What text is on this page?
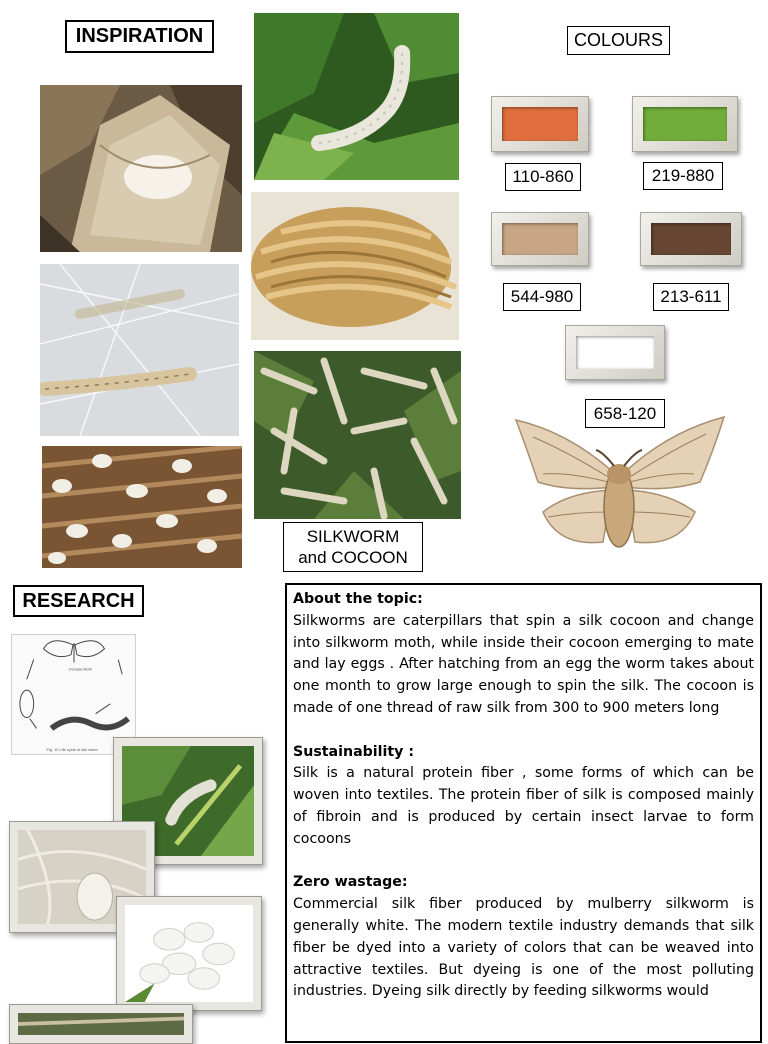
INSPIRATION
SILKWORM
and COCOON
COLOURS
110-860	219-880
544-980	213-611
658-120
RESEARCH
Female Moth
Fig. 10 Life cycle of silk worm
About the topic:
Silkworms are caterpillars that spin a silk cocoon and change into silkworm moth, while inside their cocoon emerging to mate and lay eggs . After hatching from an egg the worm takes about one month to grow large enough to spin the silk. The cocoon is made of one thread of raw silk from 300 to 900 meters long
Sustainability :
Silk is a natural protein fiber , some forms of which can be woven into textiles. The protein fiber of silk is composed mainly of fibroin and is produced by certain insect larvae to form cocoons
Zero wastage:
Commercial silk fiber produced by mulberry silkworm is generally white. The modern textile industry demands that silk fiber be dyed into a variety of colors that can be weaved into attractive textiles. But dyeing is one of the most polluting industries. Dyeing silk directly by feeding silkworms would
